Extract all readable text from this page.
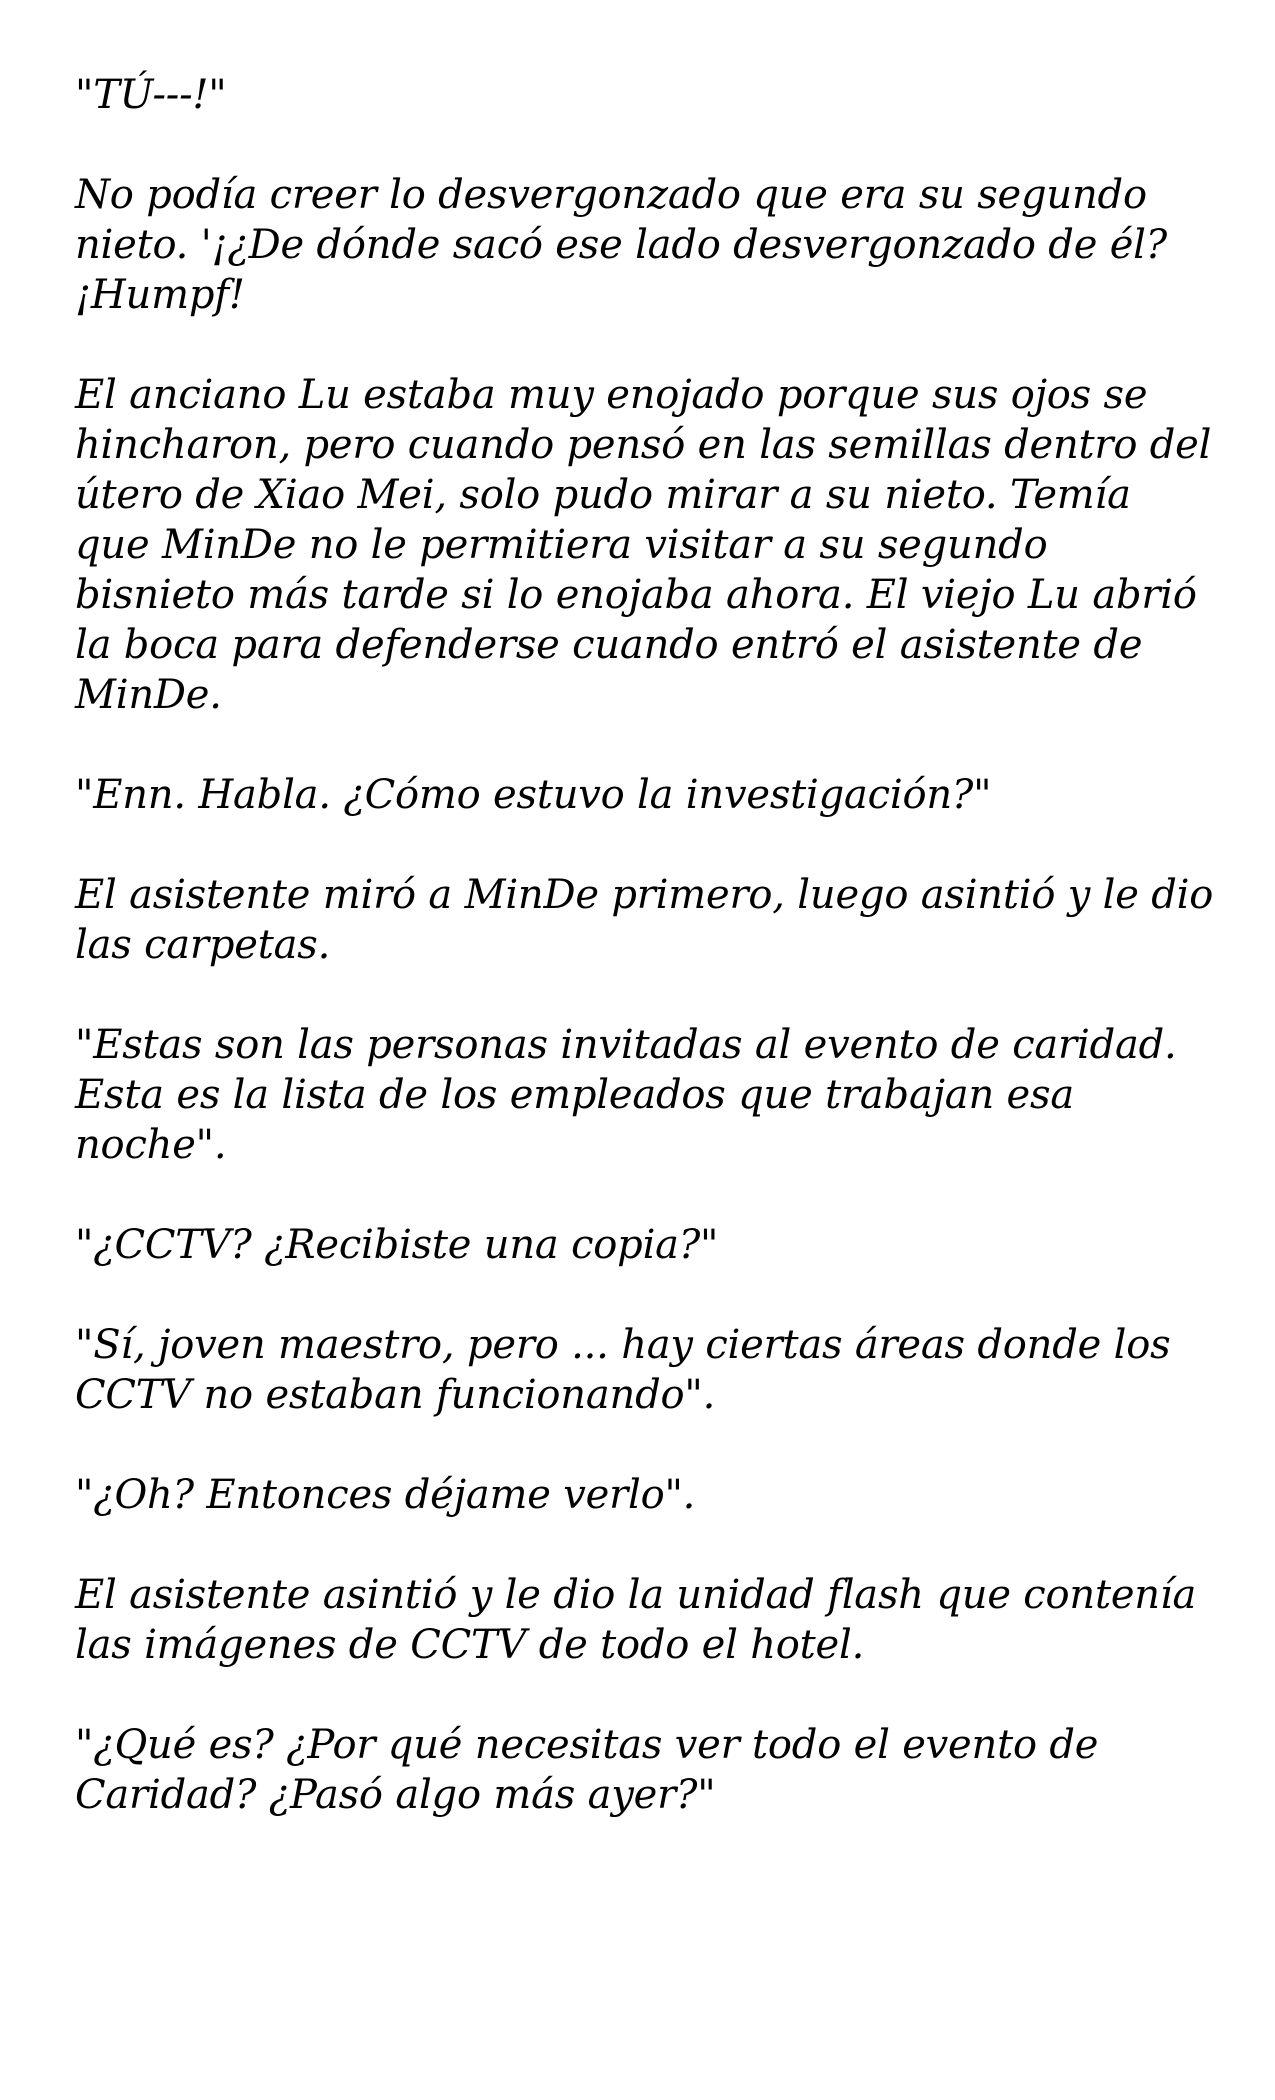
"TÚ---!"

No podía creer lo desvergonzado que era su segundo nieto. '¡¿De dónde sacó ese lado desvergonzado de él? ¡Humpf!

El anciano Lu estaba muy enojado porque sus ojos se hincharon, pero cuando pensó en las semillas dentro del útero de Xiao Mei, solo pudo mirar a su nieto. Temía que MinDe no le permitiera visitar a su segundo bisnieto más tarde si lo enojaba ahora. El viejo Lu abrió la boca para defenderse cuando entró el asistente de MinDe.

"Enn. Habla. ¿Cómo estuvo la investigación?"

El asistente miró a MinDe primero, luego asintió y le dio las carpetas.

"Estas son las personas invitadas al evento de caridad. Esta es la lista de los empleados que trabajan esa noche".

"¿CCTV? ¿Recibiste una copia?"

"Sí, joven maestro, pero ... hay ciertas áreas donde los CCTV no estaban funcionando".

"¿Oh? Entonces déjame verlo".

El asistente asintió y le dio la unidad flash que contenía las imágenes de CCTV de todo el hotel.

"¿Qué es? ¿Por qué necesitas ver todo el evento de Caridad? ¿Pasó algo más ayer?"
